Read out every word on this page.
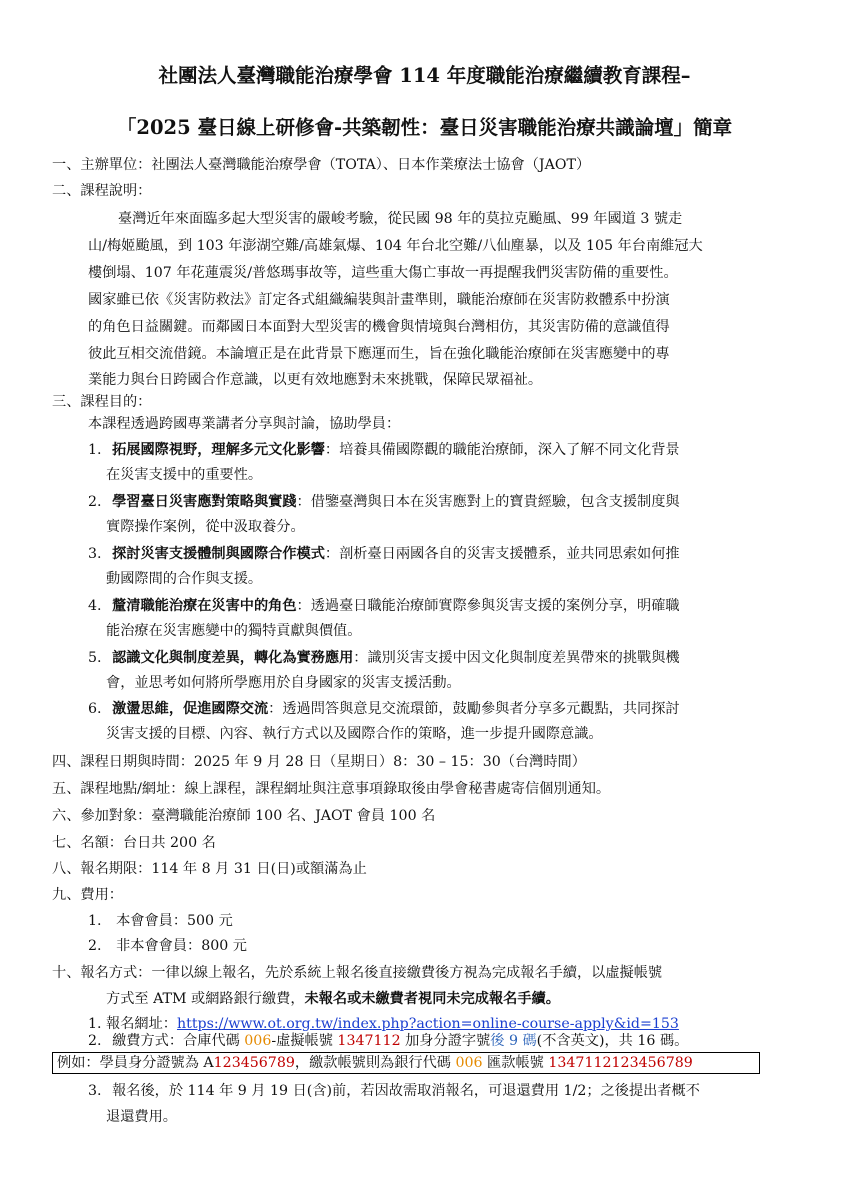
社團法人臺灣職能治療學會 114 年度職能治療繼續教育課程–
「2025 臺日線上研修會-共築韌性：臺日災害職能治療共識論壇」簡章
一、主辦單位：社團法人臺灣職能治療學會（TOTA）、日本作業療法士協會（JAOT）
二、課程說明：
臺灣近年來面臨多起大型災害的嚴峻考驗，從民國 98 年的莫拉克颱風、99 年國道 3 號走
山/梅姬颱風，到 103 年澎湖空難/高雄氣爆、104 年台北空難/八仙塵暴，以及 105 年台南維冠大
樓倒塌、107 年花蓮震災/普悠瑪事故等，這些重大傷亡事故一再提醒我們災害防備的重要性。
國家雖已依《災害防救法》訂定各式組織編裝與計畫準則，職能治療師在災害防救體系中扮演
的角色日益關鍵。而鄰國日本面對大型災害的機會與情境與台灣相仿，其災害防備的意識值得
彼此互相交流借鏡。本論壇正是在此背景下應運而生，旨在強化職能治療師在災害應變中的專
業能力與台日跨國合作意識，以更有效地應對未來挑戰，保障民眾福祉。
三、課程目的：
本課程透過跨國專業講者分享與討論，協助學員：
1. 拓展國際視野，理解多元文化影響：培養具備國際觀的職能治療師，深入了解不同文化背景
在災害支援中的重要性。
2. 學習臺日災害應對策略與實踐：借鑒臺灣與日本在災害應對上的寶貴經驗，包含支援制度與
實際操作案例，從中汲取養分。
3. 探討災害支援體制與國際合作模式：剖析臺日兩國各自的災害支援體系，並共同思索如何推
動國際間的合作與支援。
4. 釐清職能治療在災害中的角色：透過臺日職能治療師實際參與災害支援的案例分享，明確職
能治療在災害應變中的獨特貢獻與價值。
5. 認識文化與制度差異，轉化為實務應用：識別災害支援中因文化與制度差異帶來的挑戰與機
會，並思考如何將所學應用於自身國家的災害支援活動。
6. 激盪思維，促進國際交流：透過問答與意見交流環節，鼓勵參與者分享多元觀點，共同探討
災害支援的目標、內容、執行方式以及國際合作的策略，進一步提升國際意識。
四、課程日期與時間：2025 年 9 月 28 日（星期日）8：30 – 15：30（台灣時間）
五、課程地點/網址：線上課程，課程網址與注意事項錄取後由學會秘書處寄信個別通知。
六、參加對象：臺灣職能治療師 100 名、JAOT 會員 100 名
七、名額：台日共 200 名
八、報名期限：114 年 8 月 31 日(日)或額滿為止
九、費用：
1. 本會會員：500 元
2. 非本會會員：800 元
十、報名方式：一律以線上報名，先於系統上報名後直接繳費後方視為完成報名手續，以虛擬帳號
方式至 ATM 或網路銀行繳費，未報名或未繳費者視同未完成報名手續。
1. 報名網址：https://www.ot.org.tw/index.php?action=online-course-apply&id=153
2. 繳費方式：合庫代碼 006-虛擬帳號 1347112 加身分證字號後 9 碼(不含英文)，共 16 碼。
例如：學員身分證號為 A123456789，繳款帳號則為銀行代碼 006 匯款帳號 1347112123456789
3. 報名後，於 114 年 9 月 19 日(含)前，若因故需取消報名，可退還費用 1/2；之後提出者概不
退還費用。
